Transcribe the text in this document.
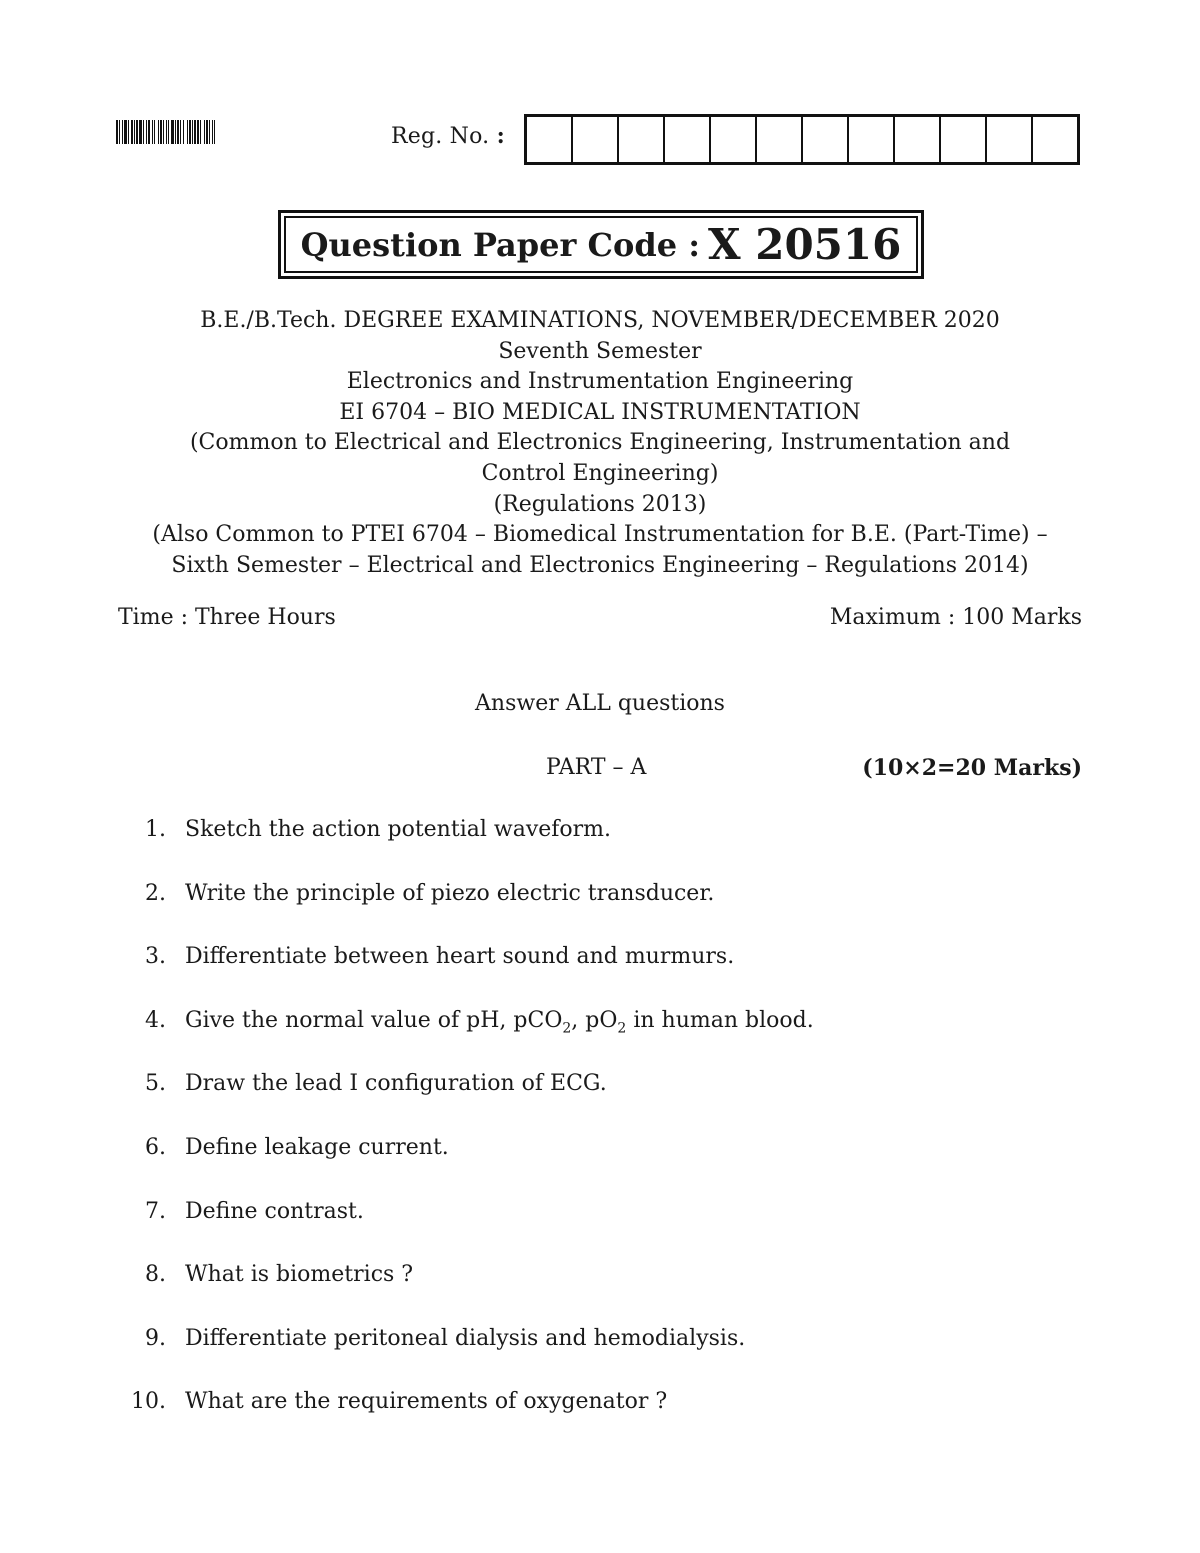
Reg. No. :
Question Paper Code : X 20516
B.E./B.Tech. DEGREE EXAMINATIONS, NOVEMBER/DECEMBER 2020
Seventh Semester
Electronics and Instrumentation Engineering
EI 6704 – BIO MEDICAL INSTRUMENTATION
(Common to Electrical and Electronics Engineering, Instrumentation and
Control Engineering)
(Regulations 2013)
(Also Common to PTEI 6704 – Biomedical Instrumentation for B.E. (Part-Time) –
Sixth Semester – Electrical and Electronics Engineering – Regulations 2014)
Time : Three Hours	Maximum : 100 Marks
Answer ALL questions
PART – A	(10×2=20 Marks)
1. Sketch the action potential waveform.
2. Write the principle of piezo electric transducer.
3. Differentiate between heart sound and murmurs.
4. Give the normal value of pH, pCO$_2$, $pO_2$ in human blood.
5. Draw the lead I configuration of ECG.
6. Define leakage current.
7. Define contrast.
8. What is biometrics ?
9. Differentiate peritoneal dialysis and hemodialysis.
10. What are the requirements of oxygenator ?
